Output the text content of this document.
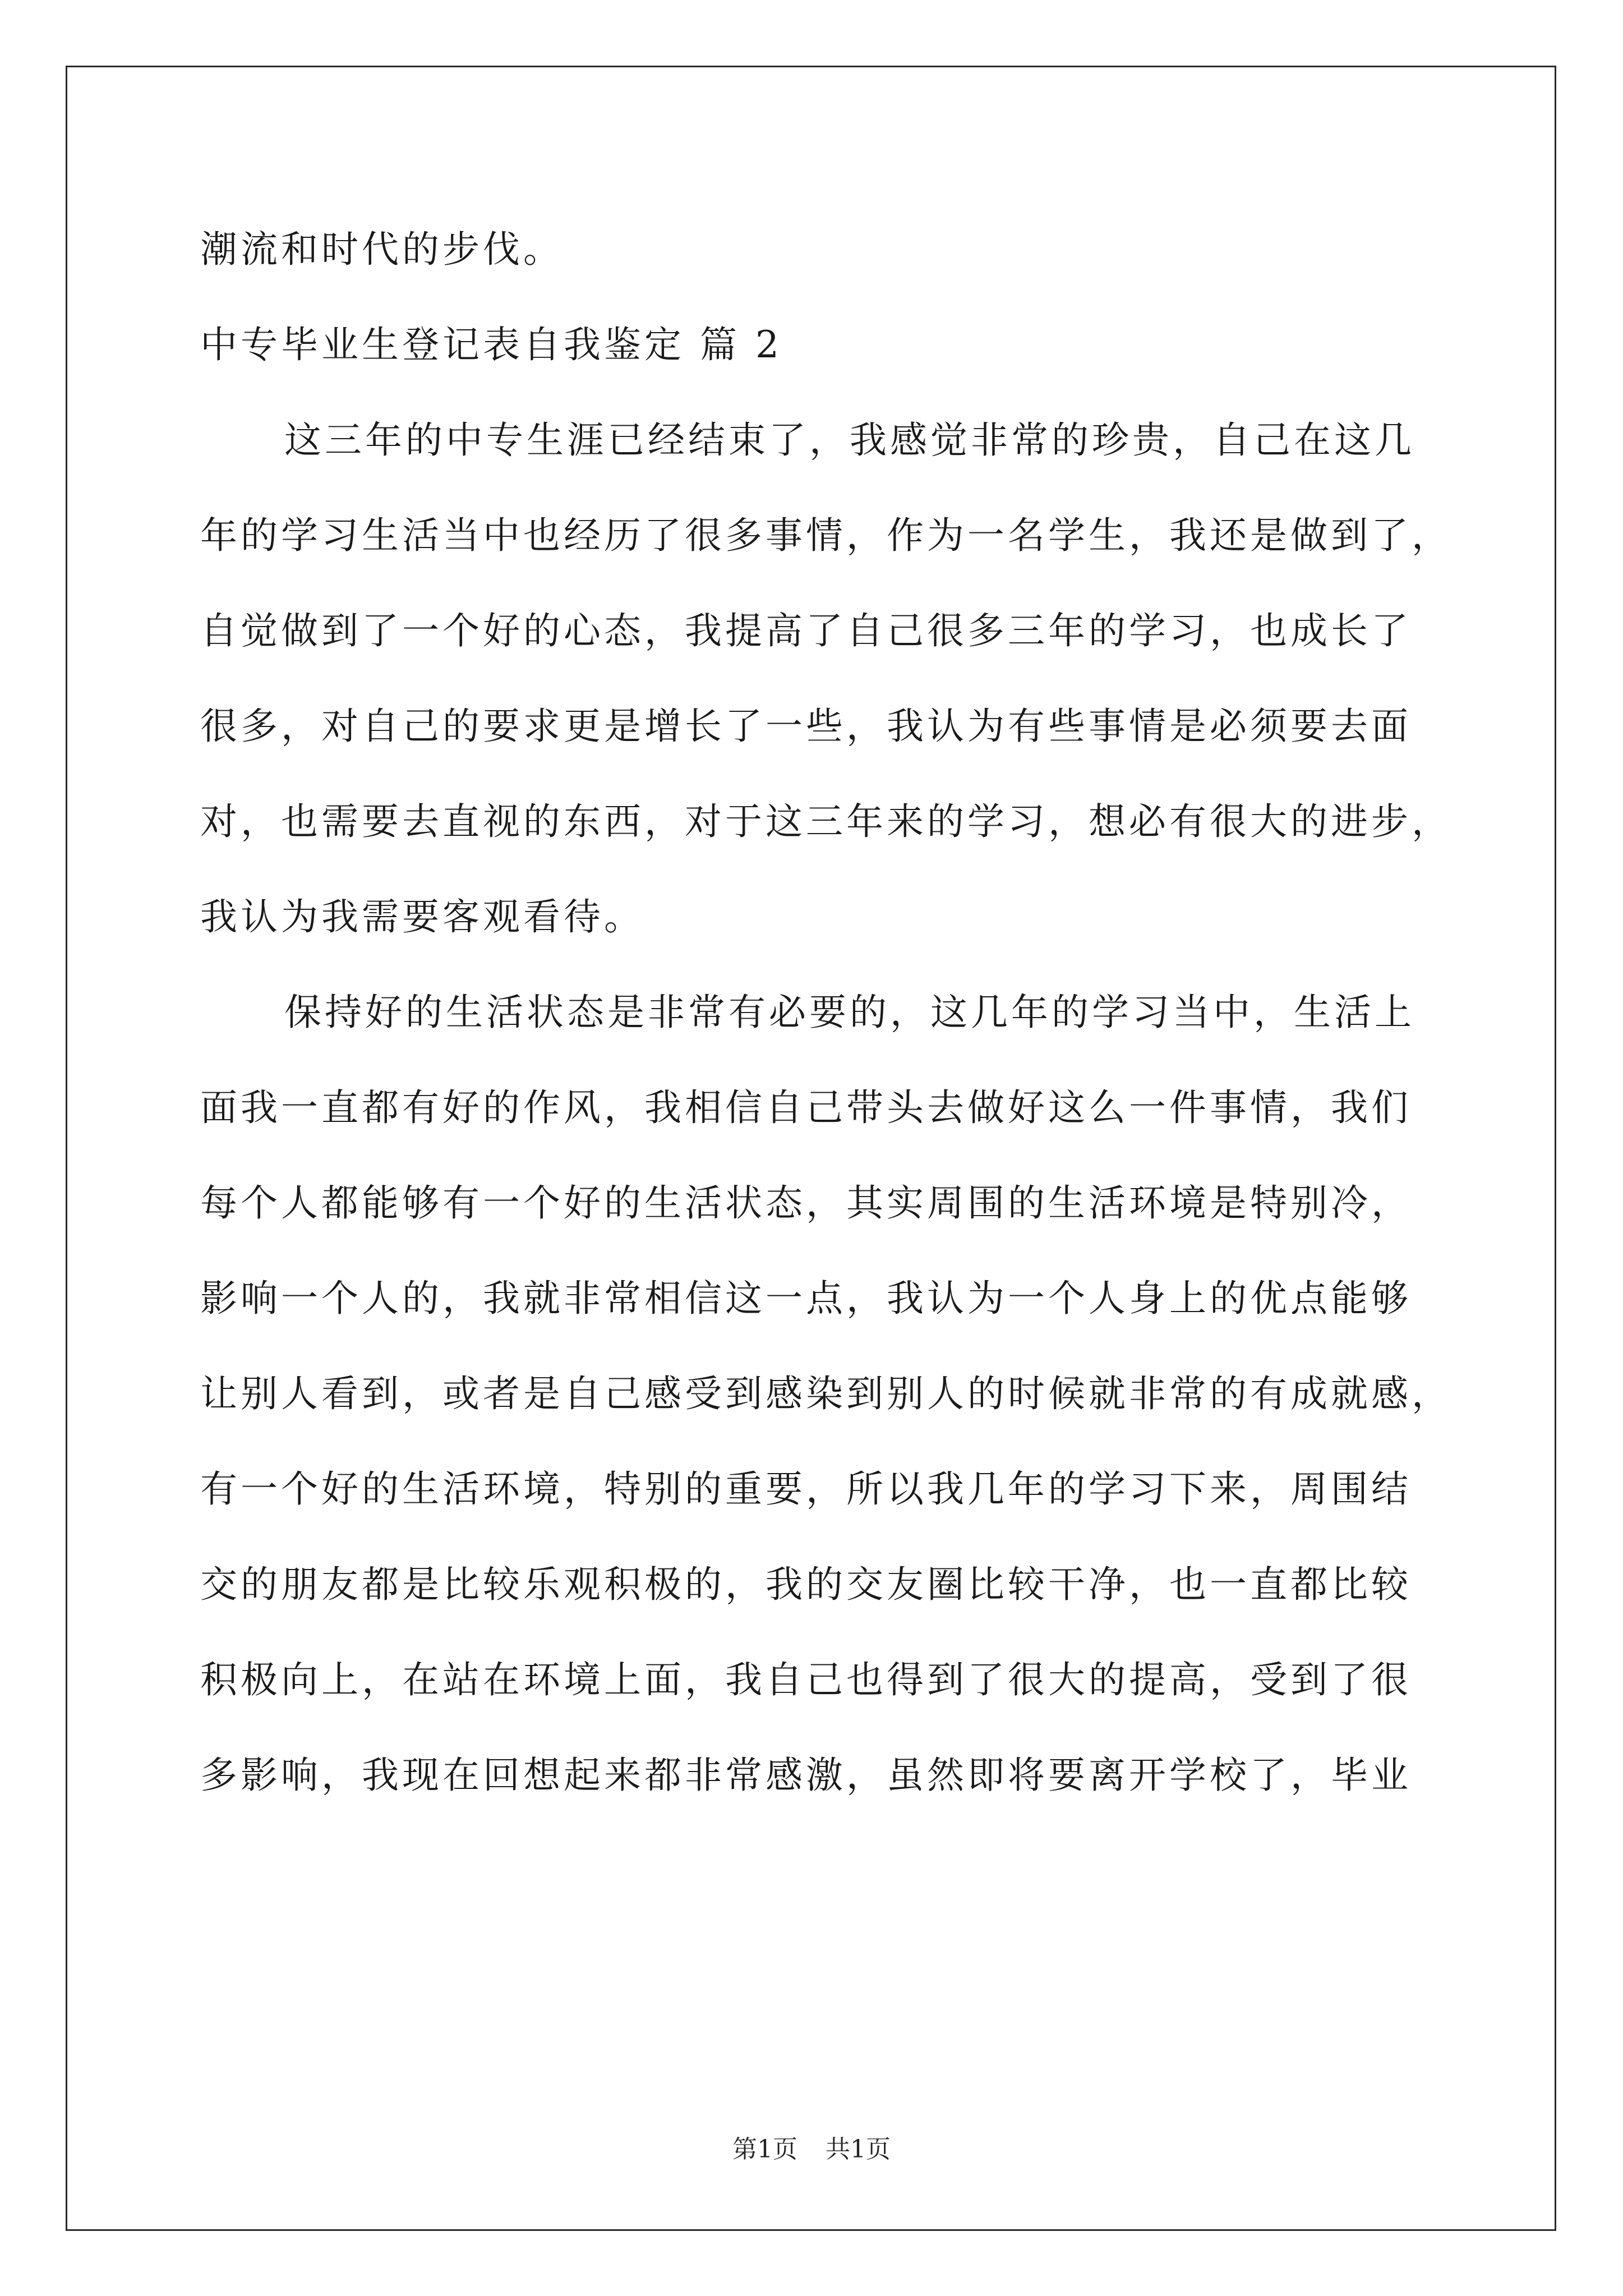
潮流和时代的步伐。
中专毕业生登记表自我鉴定 篇 2
这三年的中专生涯已经结束了，我感觉非常的珍贵，自己在这几
年的学习生活当中也经历了很多事情，作为一名学生，我还是做到了，
自觉做到了一个好的心态，我提高了自己很多三年的学习，也成长了
很多，对自己的要求更是增长了一些，我认为有些事情是必须要去面
对，也需要去直视的东西，对于这三年来的学习，想必有很大的进步，
我认为我需要客观看待。
保持好的生活状态是非常有必要的，这几年的学习当中，生活上
面我一直都有好的作风，我相信自己带头去做好这么一件事情，我们
每个人都能够有一个好的生活状态，其实周围的生活环境是特别冷，
影响一个人的，我就非常相信这一点，我认为一个人身上的优点能够
让别人看到，或者是自己感受到感染到别人的时候就非常的有成就感，
有一个好的生活环境，特别的重要，所以我几年的学习下来，周围结
交的朋友都是比较乐观积极的，我的交友圈比较干净，也一直都比较
积极向上，在站在环境上面，我自己也得到了很大的提高，受到了很
多影响，我现在回想起来都非常感激，虽然即将要离开学校了，毕业
第1页 共1页
